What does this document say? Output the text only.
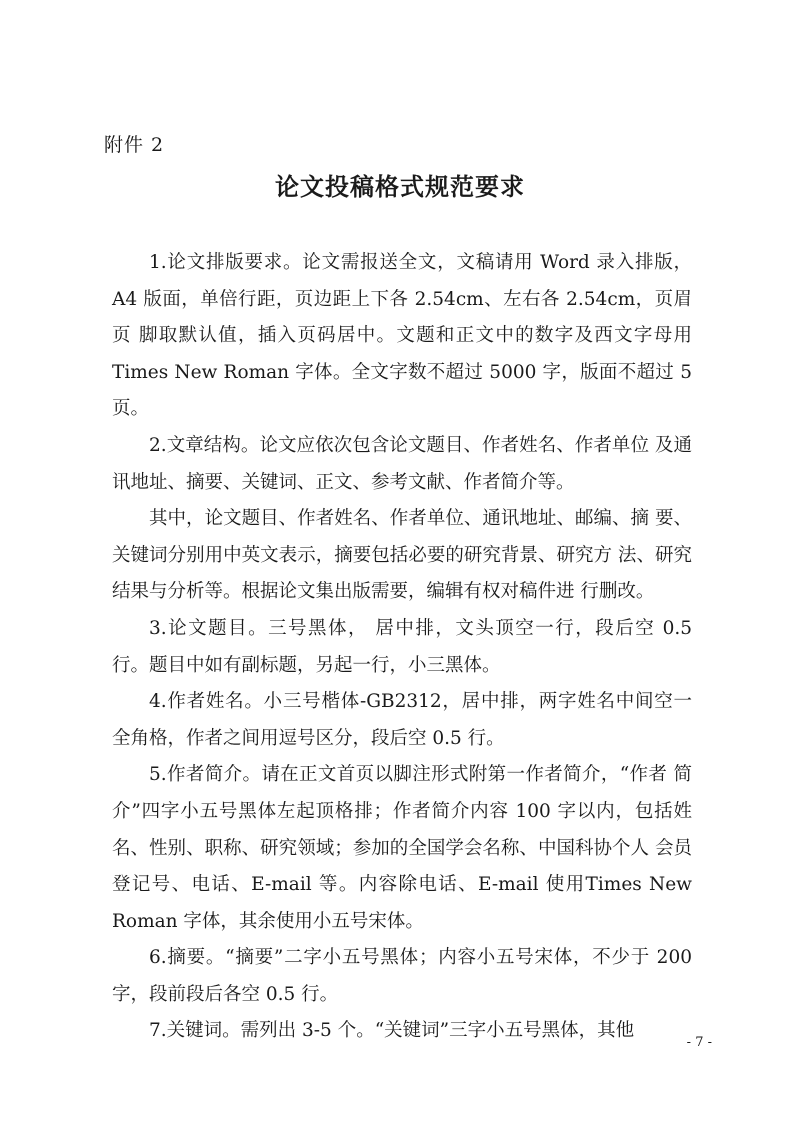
附件 2
论文投稿格式规范要求

1.论文排版要求。论文需报送全文，文稿请用 Word 录入排版，A4 版面，单倍行距，页边距上下各 2.54cm、左右各 2.54cm，页眉页 脚取默认值，插入页码居中。文题和正文中的数字及西文字母用 Times New Roman 字体。全文字数不超过 5000 字，版面不超过 5 页。

2.文章结构。论文应依次包含论文题目、作者姓名、作者单位 及通讯地址、摘要、关键词、正文、参考文献、作者简介等。

其中，论文题目、作者姓名、作者单位、通讯地址、邮编、摘 要、关键词分别用中英文表示，摘要包括必要的研究背景、研究方 法、研究结果与分析等。根据论文集出版需要，编辑有权对稿件进 行删改。

3.论文题目。三号黑体， 居中排，文头顶空一行，段后空 0.5 行。题目中如有副标题，另起一行，小三黑体。

4.作者姓名。小三号楷体-GB2312，居中排，两字姓名中间空一 全角格，作者之间用逗号区分，段后空 0.5 行。

5.作者简介。请在正文首页以脚注形式附第一作者简介，“作者 简介”四字小五号黑体左起顶格排；作者简介内容 100 字以内，包括姓 名、性别、职称、研究领域；参加的全国学会名称、中国科协个人 会员登记号、电话、E-mail 等。内容除电话、E-mail 使用Times New Roman 字体，其余使用小五号宋体。

6.摘要。“摘要”二字小五号黑体；内容小五号宋体，不少于 200 字，段前段后各空 0.5 行。

7.关键词。需列出 3-5 个。“关键词”三字小五号黑体，其他

- 7 -
